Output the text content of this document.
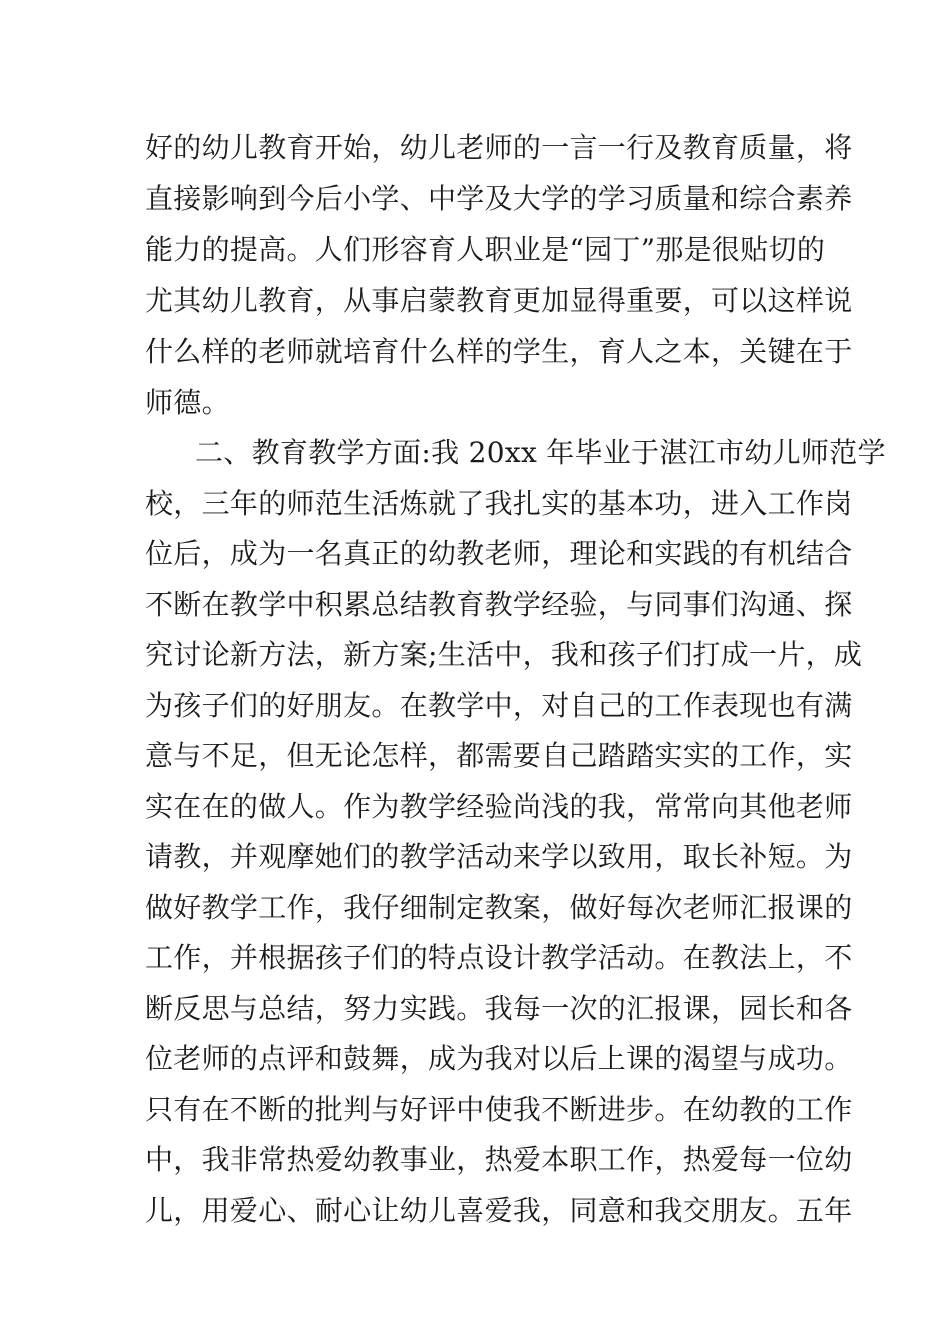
好的幼儿教育开始，幼儿老师的一言一行及教育质量，将
直接影响到今后小学、中学及大学的学习质量和综合素养
能力的提高。人们形容育人职业是“园丁”那是很贴切的
尤其幼儿教育，从事启蒙教育更加显得重要，可以这样说
什么样的老师就培育什么样的学生，育人之本，关键在于
师德。
二、教育教学方面:我 20xx 年毕业于湛江市幼儿师范学
校，三年的师范生活炼就了我扎实的基本功，进入工作岗
位后，成为一名真正的幼教老师，理论和实践的有机结合
不断在教学中积累总结教育教学经验，与同事们沟通、探
究讨论新方法，新方案;生活中，我和孩子们打成一片，成
为孩子们的好朋友。在教学中，对自己的工作表现也有满
意与不足，但无论怎样，都需要自己踏踏实实的工作，实
实在在的做人。作为教学经验尚浅的我，常常向其他老师
请教，并观摩她们的教学活动来学以致用，取长补短。为
做好教学工作，我仔细制定教案，做好每次老师汇报课的
工作，并根据孩子们的特点设计教学活动。在教法上，不
断反思与总结，努力实践。我每一次的汇报课，园长和各
位老师的点评和鼓舞，成为我对以后上课的渴望与成功。
只有在不断的批判与好评中使我不断进步。在幼教的工作
中，我非常热爱幼教事业，热爱本职工作，热爱每一位幼
儿，用爱心、耐心让幼儿喜爱我，同意和我交朋友。五年
